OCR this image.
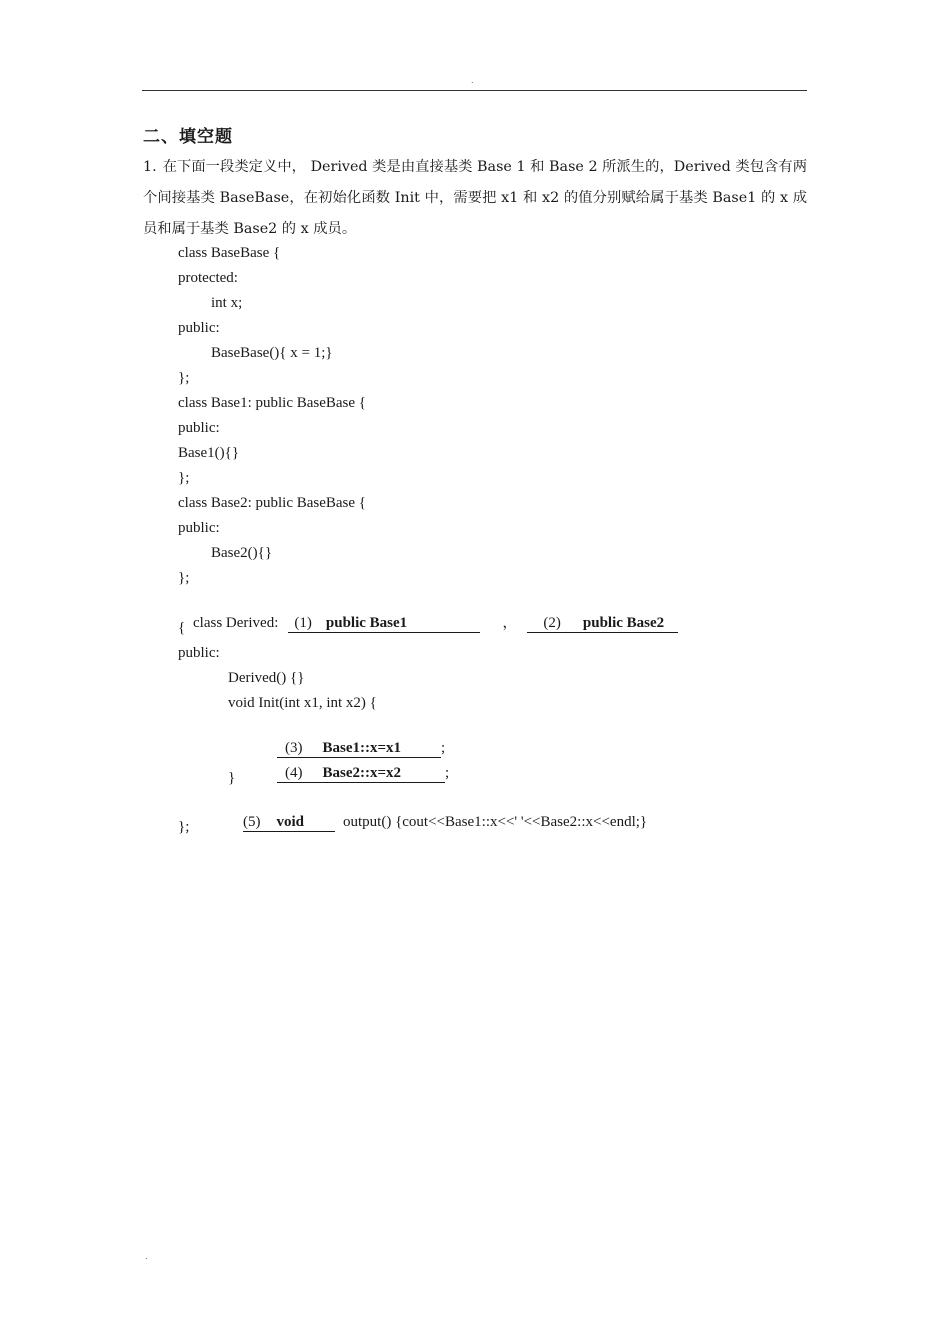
.
二、填空题
1. 在下面一段类定义中， Derived 类是由直接基类 Base 1 和 Base 2 所派生的，Derived 类包含有两个间接基类 BaseBase，在初始化函数 Init 中，需要把 x1 和 x2 的值分别赋给属于基类 Base1 的 x 成员和属于基类 Base2 的 x 成员。
class BaseBase {
protected:
int x;
public:
BaseBase(){ x = 1;}
};
class Base1: public BaseBase {
public:
Base1(){}
};
class Base2: public BaseBase {
public:
Base2(){}
};

class Derived: (1) public Base1	， (2) public Base2

{
public:
Derived() {}
void Init(int x1, int x2) {

(3) Base1::x=x1	;

(4) Base2::x=x2	;

}

(5) void	output() {cout<<Base1::x<<' '<<Base2::x<<endl;}

};
.
